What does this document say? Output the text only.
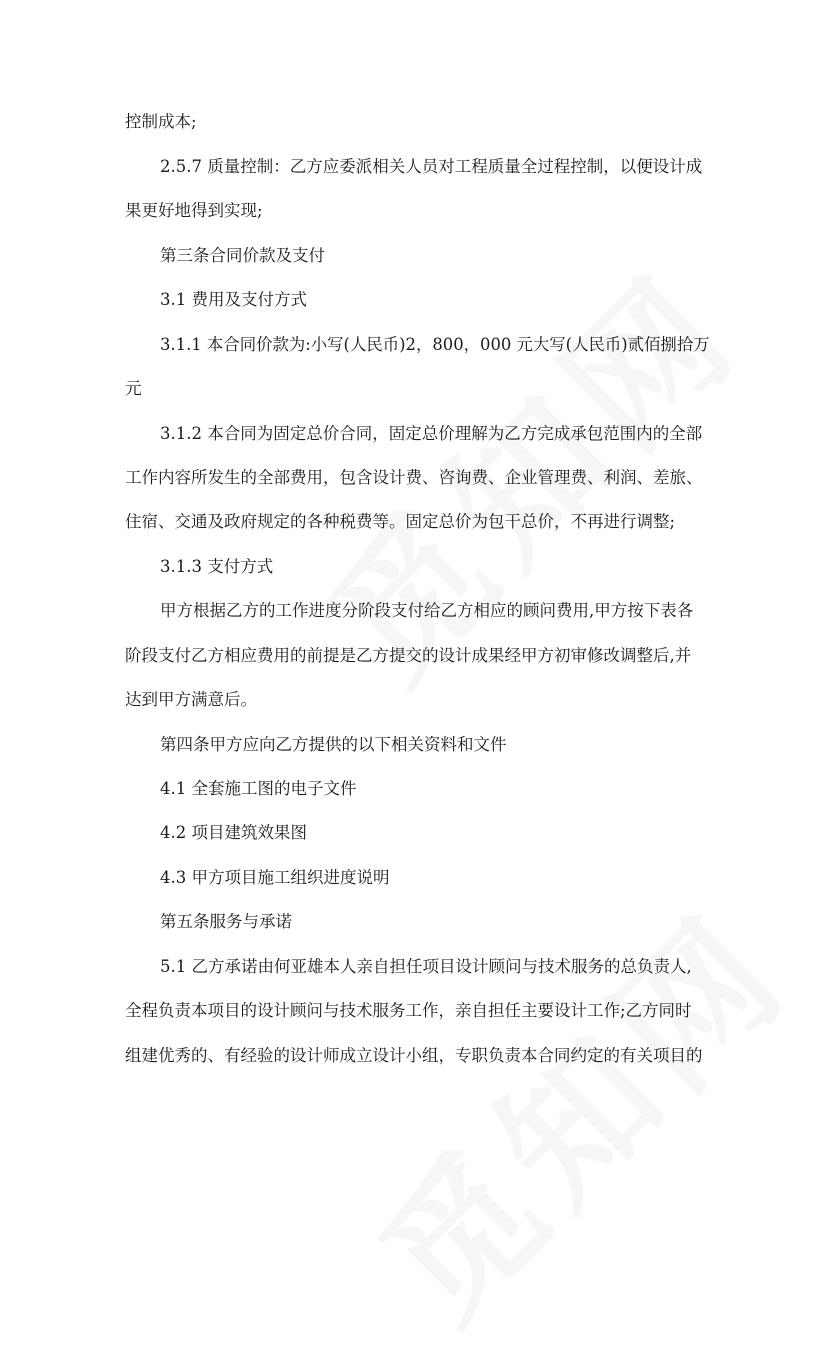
控制成本;
2.5.7 质量控制：乙方应委派相关人员对工程质量全过程控制，以便设计成
果更好地得到实现;
第三条合同价款及支付
3.1 费用及支付方式
3.1.1 本合同价款为:小写(人民币)2，800，000 元大写(人民币)贰佰捌拾万
元
3.1.2 本合同为固定总价合同，固定总价理解为乙方完成承包范围内的全部
工作内容所发生的全部费用，包含设计费、咨询费、企业管理费、利润、差旅、
住宿、交通及政府规定的各种税费等。固定总价为包干总价，不再进行调整;
3.1.3 支付方式
甲方根据乙方的工作进度分阶段支付给乙方相应的顾问费用,甲方按下表各
阶段支付乙方相应费用的前提是乙方提交的设计成果经甲方初审修改调整后,并
达到甲方满意后。
第四条甲方应向乙方提供的以下相关资料和文件
4.1 全套施工图的电子文件
4.2 项目建筑效果图
4.3 甲方项目施工组织进度说明
第五条服务与承诺
5.1 乙方承诺由何亚雄本人亲自担任项目设计顾问与技术服务的总负责人,
全程负责本项目的设计顾问与技术服务工作，亲自担任主要设计工作;乙方同时
组建优秀的、有经验的设计师成立设计小组，专职负责本合同约定的有关项目的
